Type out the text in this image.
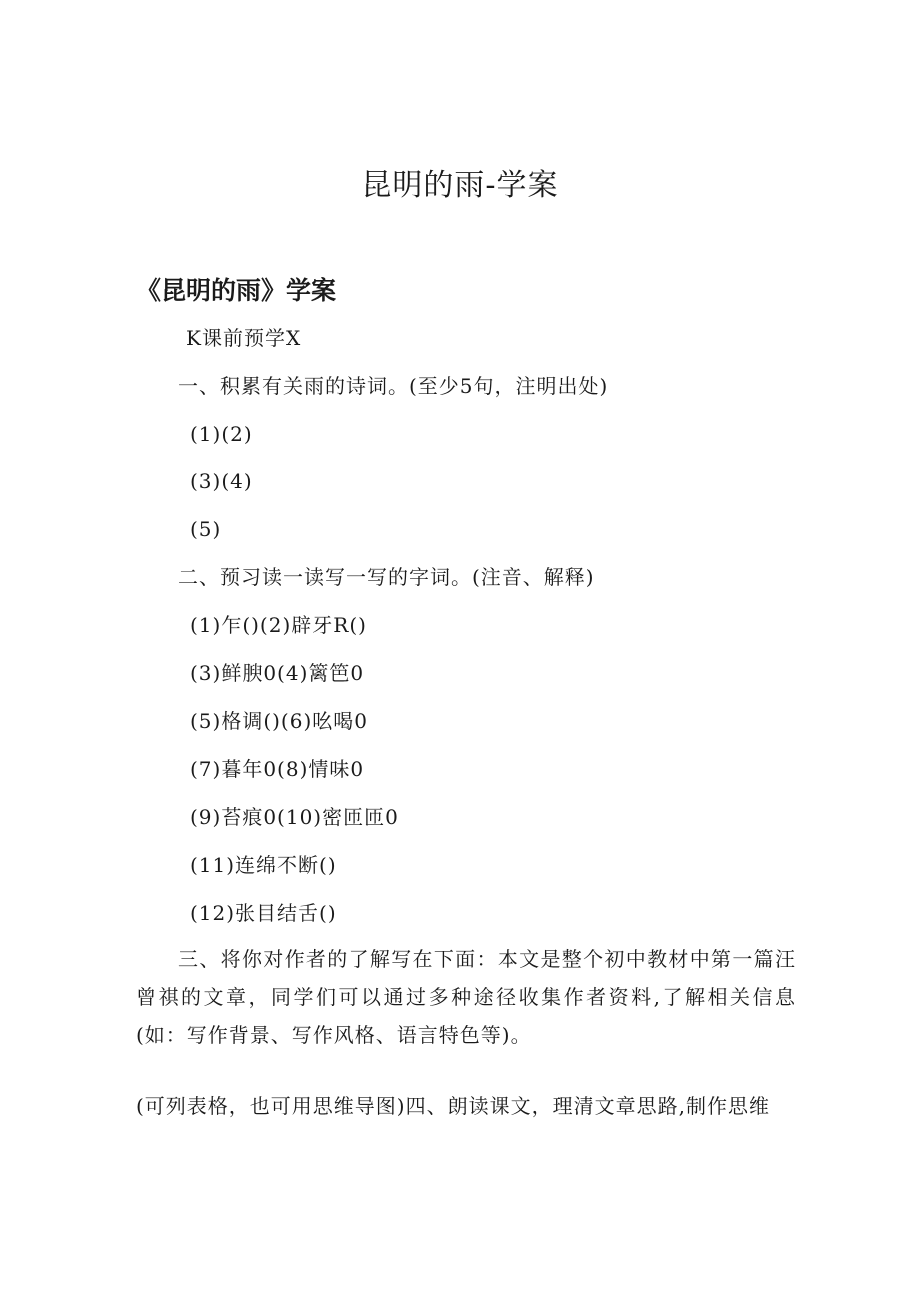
昆明的雨-学案
《昆明的雨》学案
K课前预学X
一、积累有关雨的诗词。(至少5句，注明出处)
(1)(2)
(3)(4)
(5)
二、预习读一读写一写的字词。(注音、解释)
(1)乍()(2)辟牙R()
(3)鲜腴0(4)篱笆0
(5)格调()(6)吆喝0
(7)暮年0(8)情味0
(9)苔痕0(10)密匝匝0
(11)连绵不断()
(12)张目结舌()
三、将你对作者的了解写在下面：本文是整个初中教材中第一篇汪曾祺的文章，同学们可以通过多种途径收集作者资料,了解相关信息(如：写作背景、写作风格、语言特色等)。
(可列表格，也可用思维导图)四、朗读课文，理清文章思路,制作思维
